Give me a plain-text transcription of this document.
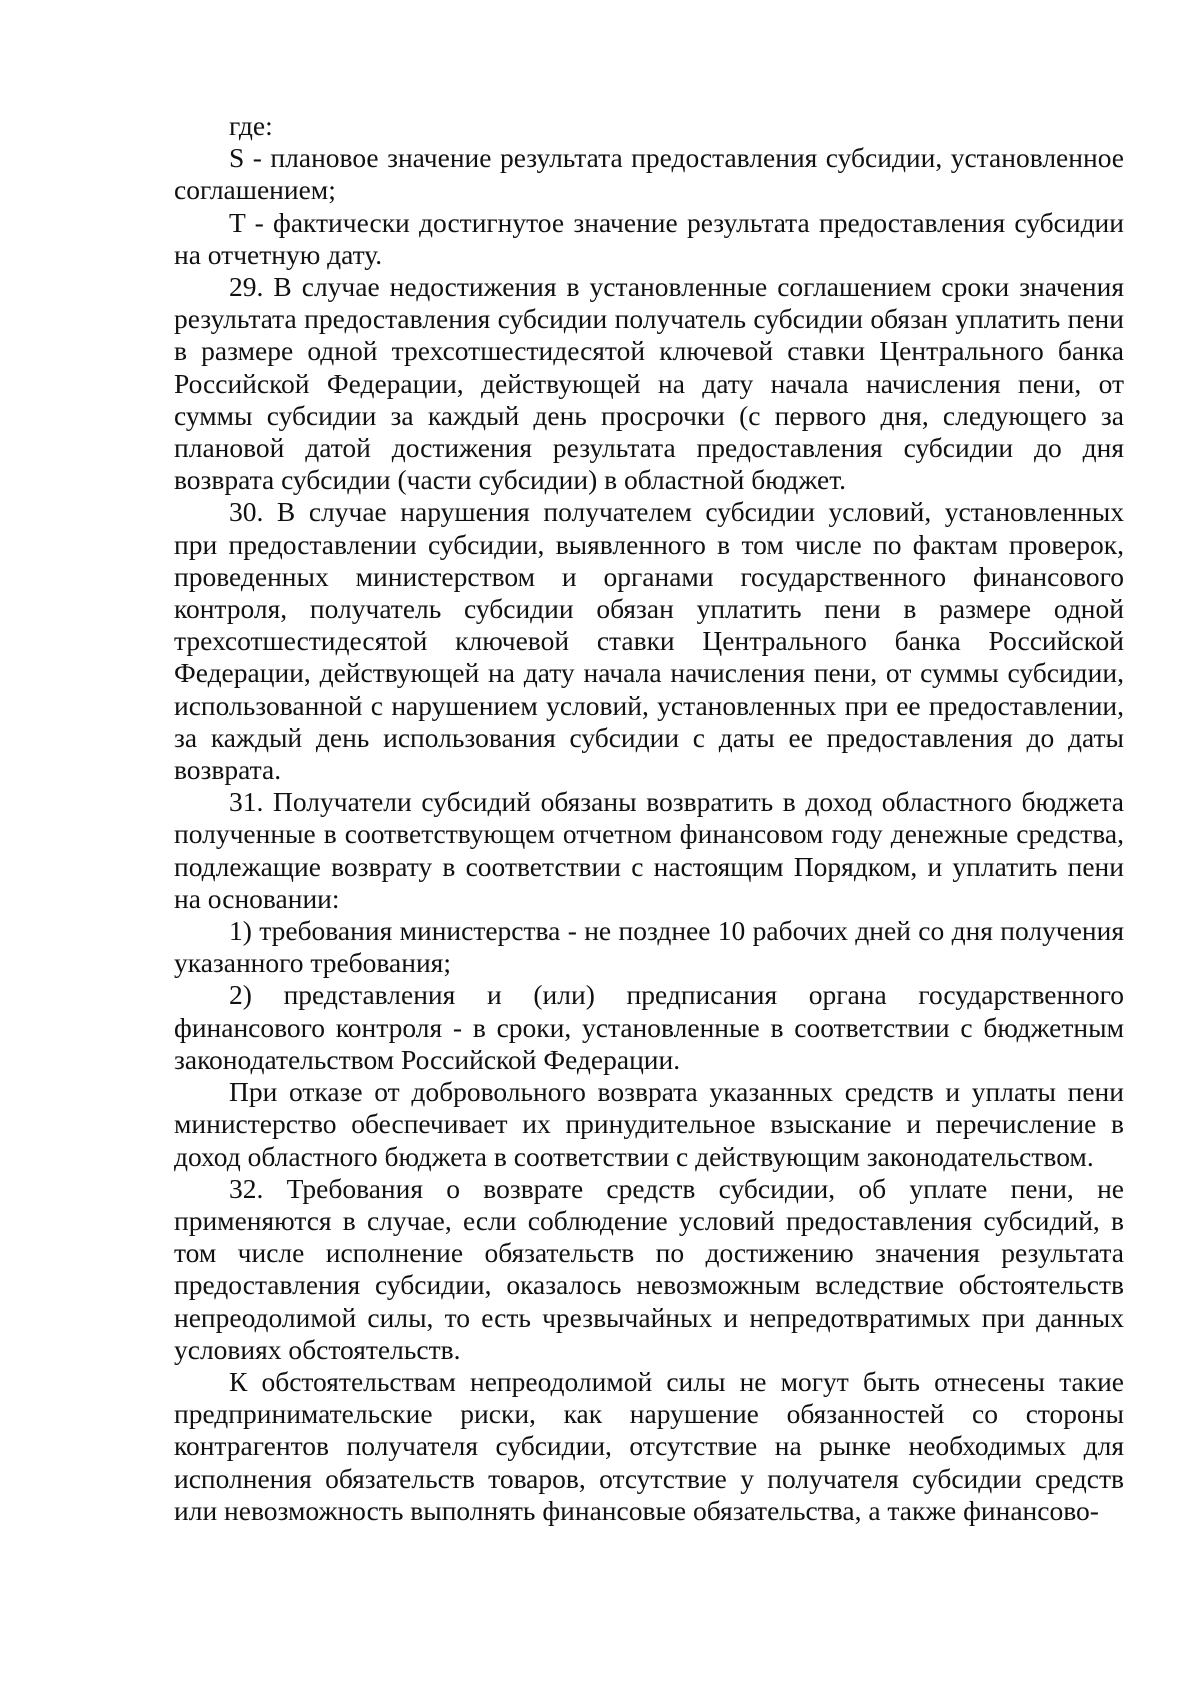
где:

S - плановое значение результата предоставления субсидии, установленное соглашением;

T - фактически достигнутое значение результата предоставления субсидии на отчетную дату.

29. В случае недостижения в установленные соглашением сроки значения результата предоставления субсидии получатель субсидии обязан уплатить пени в размере одной трехсотшестидесятой ключевой ставки Центрального банка Российской Федерации, действующей на дату начала начисления пени, от суммы субсидии за каждый день просрочки (с первого дня, следующего за плановой датой достижения результата предоставления субсидии до дня возврата субсидии (части субсидии) в областной бюджет.

30. В случае нарушения получателем субсидии условий, установленных при предоставлении субсидии, выявленного в том числе по фактам проверок, проведенных министерством и органами государственного финансового контроля, получатель субсидии обязан уплатить пени в размере одной трехсотшестидесятой ключевой ставки Центрального банка Российской Федерации, действующей на дату начала начисления пени, от суммы субсидии, использованной с нарушением условий, установленных при ее предоставлении, за каждый день использования субсидии с даты ее предоставления до даты возврата.

31. Получатели субсидий обязаны возвратить в доход областного бюджета полученные в соответствующем отчетном финансовом году денежные средства, подлежащие возврату в соответствии с настоящим Порядком, и уплатить пени на основании:

1) требования министерства - не позднее 10 рабочих дней со дня получения указанного требования;

2) представления и (или) предписания органа государственного финансового контроля - в сроки, установленные в соответствии с бюджетным законодательством Российской Федерации.

При отказе от добровольного возврата указанных средств и уплаты пени министерство обеспечивает их принудительное взыскание и перечисление в доход областного бюджета в соответствии с действующим законодательством.

32. Требования о возврате средств субсидии, об уплате пени, не применяются в случае, если соблюдение условий предоставления субсидий, в том числе исполнение обязательств по достижению значения результата предоставления субсидии, оказалось невозможным вследствие обстоятельств непреодолимой силы, то есть чрезвычайных и непредотвратимых при данных условиях обстоятельств.

К обстоятельствам непреодолимой силы не могут быть отнесены такие предпринимательские риски, как нарушение обязанностей со стороны контрагентов получателя субсидии, отсутствие на рынке необходимых для исполнения обязательств товаров, отсутствие у получателя субсидии средств или невозможность выполнять финансовые обязательства, а также финансово-
